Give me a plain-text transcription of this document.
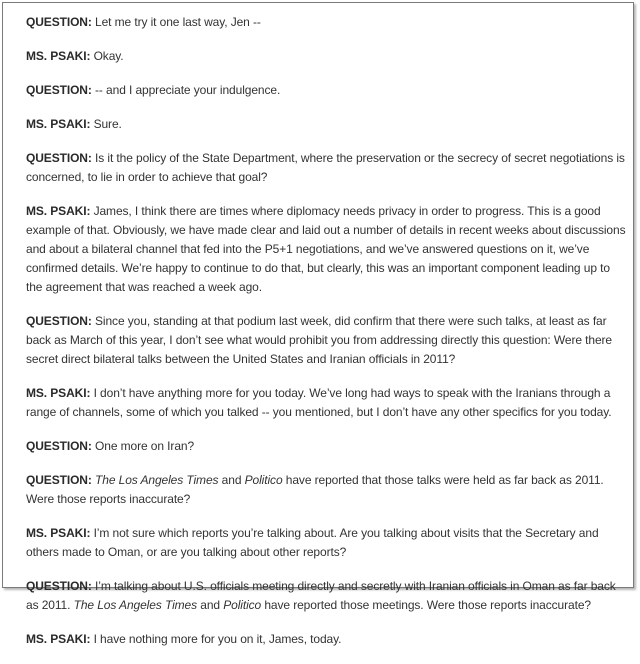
QUESTION: Let me try it one last way, Jen --

MS. PSAKI: Okay.

QUESTION: -- and I appreciate your indulgence.

MS. PSAKI: Sure.

QUESTION: Is it the policy of the State Department, where the preservation or the secrecy of secret negotiations is concerned, to lie in order to achieve that goal?

MS. PSAKI: James, I think there are times where diplomacy needs privacy in order to progress. This is a good example of that. Obviously, we have made clear and laid out a number of details in recent weeks about discussions and about a bilateral channel that fed into the P5+1 negotiations, and we’ve answered questions on it, we’ve confirmed details. We’re happy to continue to do that, but clearly, this was an important component leading up to the agreement that was reached a week ago.

QUESTION: Since you, standing at that podium last week, did confirm that there were such talks, at least as far back as March of this year, I don’t see what would prohibit you from addressing directly this question: Were there secret direct bilateral talks between the United States and Iranian officials in 2011?

MS. PSAKI: I don’t have anything more for you today. We’ve long had ways to speak with the Iranians through a range of channels, some of which you talked -- you mentioned, but I don’t have any other specifics for you today.

QUESTION: One more on Iran?

QUESTION: The Los Angeles Times and Politico have reported that those talks were held as far back as 2011. Were those reports inaccurate?

MS. PSAKI: I’m not sure which reports you’re talking about. Are you talking about visits that the Secretary and others made to Oman, or are you talking about other reports?

QUESTION: I’m talking about U.S. officials meeting directly and secretly with Iranian officials in Oman as far back as 2011. The Los Angeles Times and Politico have reported those meetings. Were those reports inaccurate?

MS. PSAKI: I have nothing more for you on it, James, today.
